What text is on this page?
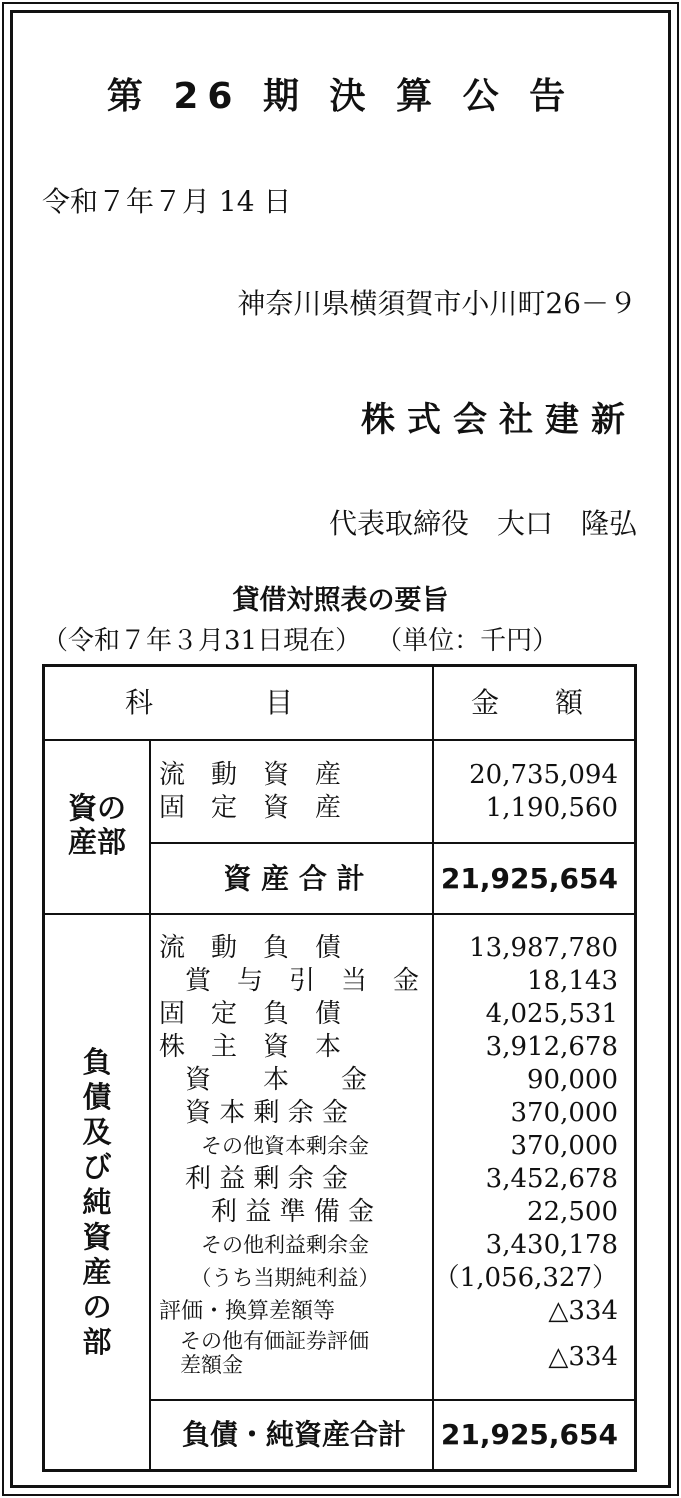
第 26 期 決 算 公 告
令和７年７月 14 日
神奈川県横須賀市小川町26－９
株式会社建新
代表取締役　大口　隆弘
貸借対照表の要旨
（令和７年３月31日現在） （単位：千円）
科　　　　目	金　　額
資の
産部
流　動　資　産	20,735,094
固　定　資　産	1,190,560
資 産 合 計	21,925,654
負
債
及
び
純
資
産
の
部
流　動　負　債	13,987,780
　賞　与　引　当　金	18,143
固　定　負　債	4,025,531
株　主　資　本	3,912,678
　資　　本　　金	90,000
　資 本 剰 余 金	370,000
　　その他資本剰余金	370,000
　利 益 剰 余 金	3,452,678
　　利 益 準 備 金	22,500
　　その他利益剰余金	3,430,178
　　（うち当期純利益） （1,056,327）
評価・換算差額等	△334
　その他有価証券評価
　差額金	△334
負債・純資産合計	21,925,654
